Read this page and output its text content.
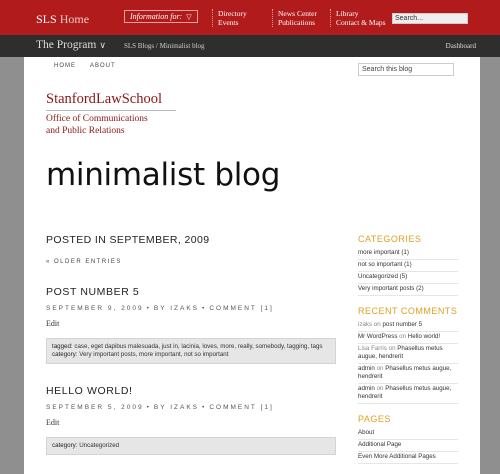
SLS Home	Information for: ▽	Directory
Events
News Center
Publications
Library
Contact & Maps	Search...
The Program ∨	SLS Blogs / Minimalist blog	Dashboard
HOME ABOUT	Search this blog
StanfordLawSchool
Office of Communications
and Public Relations
minimalist blog
POSTED IN SEPTEMBER, 2009
« OLDER ENTRIES
POST NUMBER 5
SEPTEMBER 9, 2009 • BY IZAKS • COMMENT [1]
Edit
tagged: case, eget dapibus malesuada, just in, lacinia, loves, more, really, somebody, tagging, tags
category: Very important posts, more important, not so important
HELLO WORLD!
SEPTEMBER 5, 2009 • BY IZAKS • COMMENT [1]
Edit
category: Uncategorized
CATEGORIES
more important (1)
not so important (1)
Uncategorized (5)
Very important posts (2)
RECENT COMMENTS
izaks on post number 5
Mr WordPress on Hello world!
Lisa Farris on Phasellus metus augue, hendrerit
admin on Phasellus metus augue, hendrerit
admin on Phasellus metus augue, hendrerit
PAGES
About
Additional Page
Even More Additional Pages
